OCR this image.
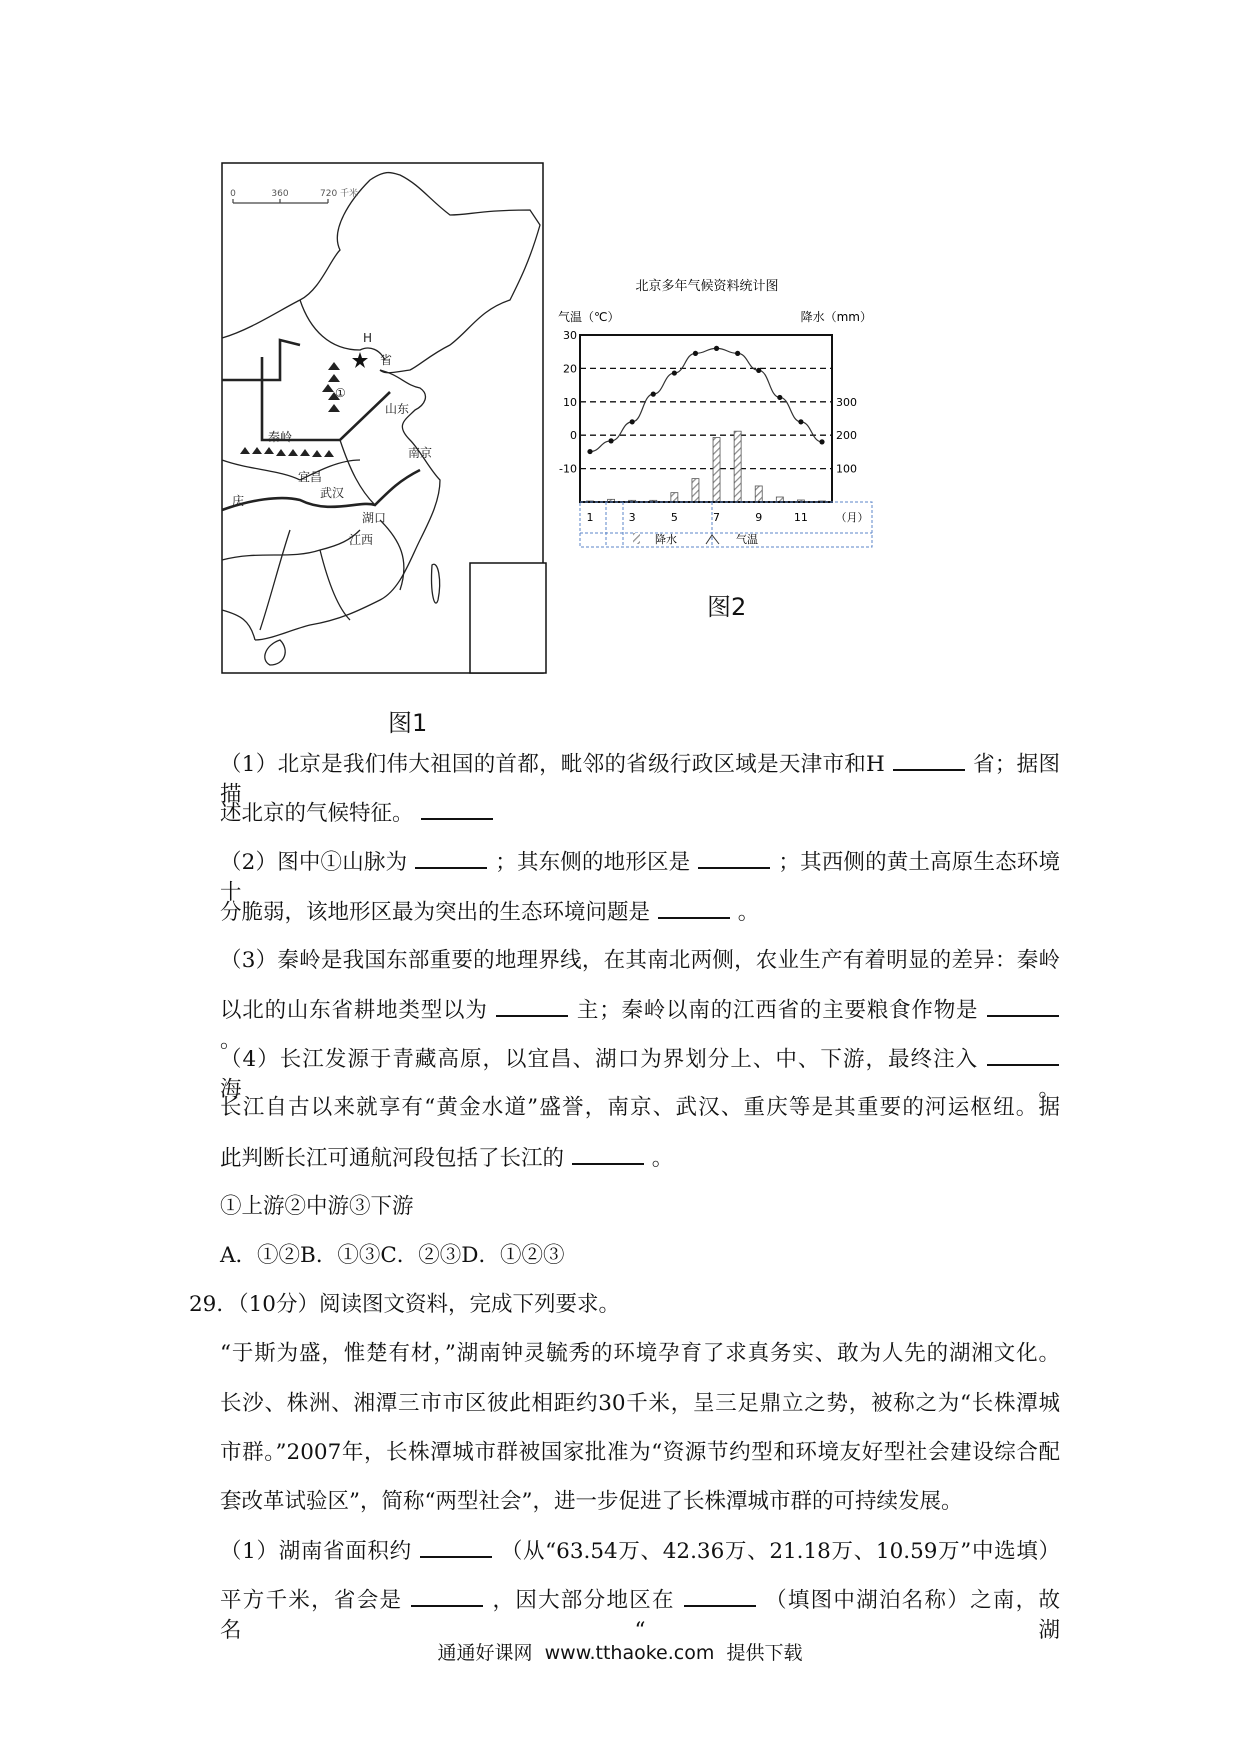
0	360	720 千米
H
省
①
山东
秦岭
南京
宜昌
武汉
庆
湖口
江西
北京多年气候资料统计图
气温（℃）	降水（mm）
30
20
10
0
-10
300
200
100
1	3	5	7	9	11	（月）
降水	气温
图1
图2
（1）北京是我们伟大祖国的首都，毗邻的省级行政区域是天津市和H	省；据图描
述北京的气候特征。
（2）图中①山脉为	；其东侧的地形区是	；其西侧的黄土高原生态环境十
分脆弱，该地形区最为突出的生态环境问题是	。
（3）秦岭是我国东部重要的地理界线，在其南北两侧，农业生产有着明显的差异：秦岭
以北的山东省耕地类型以为	主；秦岭以南的江西省的主要粮食作物是  。
（4）长江发源于青藏高原，以宜昌、湖口为界划分上、中、下游，最终注入  海。
长江自古以来就享有“黄金水道”盛誉，南京、武汉、重庆等是其重要的河运枢纽。据
此判断长江可通航河段包括了长江的	。
①上游②中游③下游
A．①②B．①③C．②③D．①②③
29．（10分）阅读图文资料，完成下列要求。
“于斯为盛，惟楚有材，”湖南钟灵毓秀的环境孕育了求真务实、敢为人先的湖湘文化。
长沙、株洲、湘潭三市市区彼此相距约30千米，呈三足鼎立之势，被称之为“长株潭城
市群。”2007年，长株潭城市群被国家批准为“资源节约型和环境友好型社会建设综合配
套改革试验区”，简称“两型社会”，进一步促进了长株潭城市群的可持续发展。
（1）湖南省面积约	（从“63.54万、42.36万、21.18万、10.59万”中选填）
平方千米，省会是	，因大部分地区在	（填图中湖泊名称）之南，故名“湖
通通好课网  www.tthaoke.com  提供下载
